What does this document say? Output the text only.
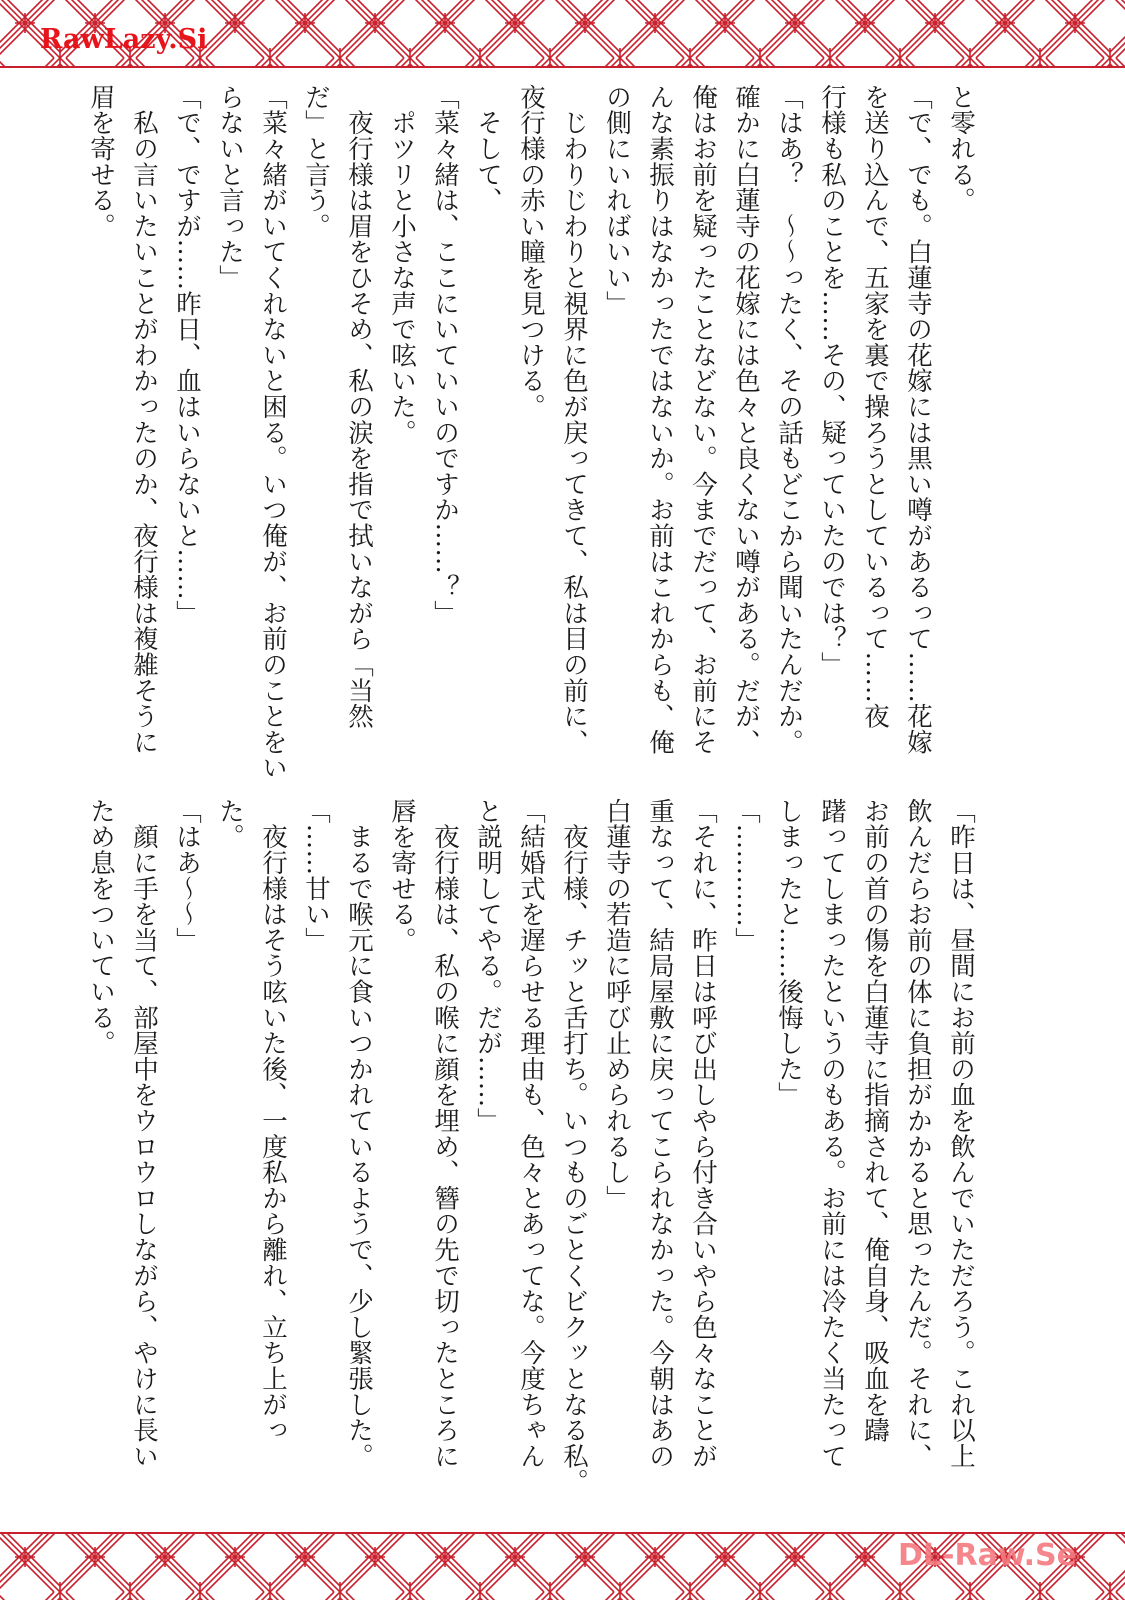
RawLazy.Si

と零れる。

「で、でも。白蓮寺の花嫁には黒い噂があるって……花嫁

を送り込んで、五家を裏で操ろうとしているって……夜

行様も私のことを……その、疑っていたのでは？」

「はあ？　～～ったく、その話もどこから聞いたんだか。

確かに白蓮寺の花嫁には色々と良くない噂がある。だが、

俺はお前を疑ったことなどない。今までだって、お前にそ

んな素振りはなかったではないか。お前はこれからも、俺

の側にいればいい」

　じわりじわりと視界に色が戻ってきて、私は目の前に、

夜行様の赤い瞳を見つける。

　そして、

「菜々緒は、ここにいていいのですか……？」

　ポツリと小さな声で呟いた。

　夜行様は眉をひそめ、私の涙を指で拭いながら「当然

だ」と言う。

「菜々緒がいてくれないと困る。いつ俺が、お前のことをい

らないと言った」

「で、ですが……昨日、血はいらないと……」

　私の言いたいことがわかったのか、夜行様は複雑そうに

眉を寄せる。

「昨日は、昼間にお前の血を飲んでいただろう。これ以上

飲んだらお前の体に負担がかかると思ったんだ。それに、

お前の首の傷を白蓮寺に指摘されて、俺自身、吸血を躊

躇ってしまったというのもある。お前には冷たく当たって

しまったと……後悔した」

「…………」

「それに、昨日は呼び出しやら付き合いやら色々なことが

重なって、結局屋敷に戻ってこられなかった。今朝はあの

白蓮寺の若造に呼び止められるし」

　夜行様、チッと舌打ち。いつものごとくビクッとなる私。

「結婚式を遅らせる理由も、色々とあってな。今度ちゃん

と説明してやる。だが……」

　夜行様は、私の喉に顔を埋め、簪の先で切ったところに

唇を寄せる。

　まるで喉元に食いつかれているようで、少し緊張した。

「……甘い」

　夜行様はそう呟いた後、一度私から離れ、立ち上がっ

た。

「はあ～～」

　顔に手を当て、部屋中をウロウロしながら、やけに長い

ため息をついている。

DL-Raw.Se
